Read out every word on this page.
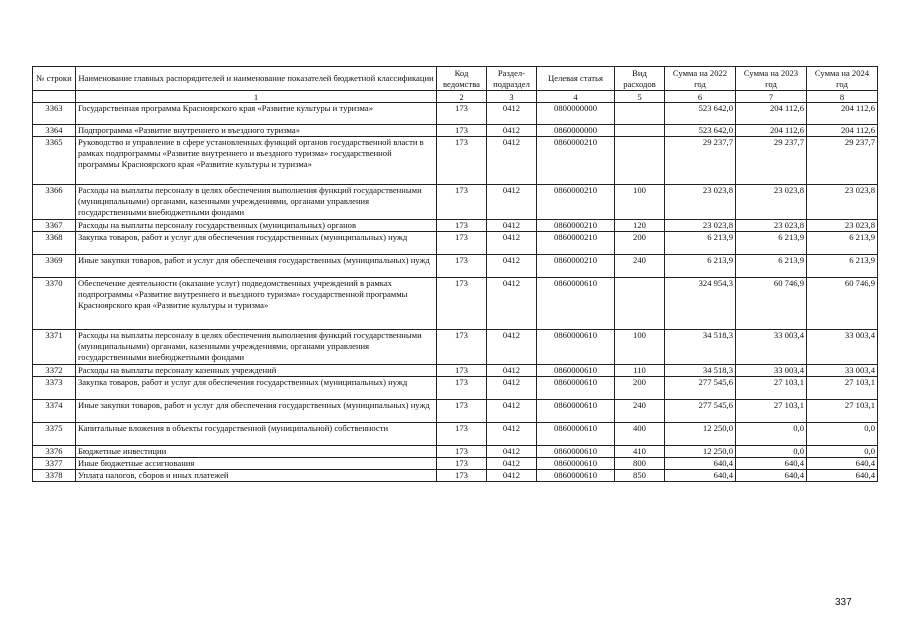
№ строки	Наименование главных распорядителей и наименование показателей бюджетной классификации	Код ведомства	Раздел-подраздел	Целевая статья	Вид расходов	Сумма на 2022 год	Сумма на 2023 год	Сумма на 2024 год
	1	2	3	4	5	6	7	8
3363	Государственная программа Красноярского края «Развитие культуры и туризма»	173	0412	0800000000		523 642,0	204 112,6	204 112,6
3364	Подпрограмма «Развитие внутреннего и въездного туризма»	173	0412	0860000000		523 642,0	204 112,6	204 112,6
3365	Руководство и управление в сфере установленных функций органов государственной власти в рамках подпрограммы «Развитие внутреннего и въездного туризма» государственной программы Красноярского края «Развитие культуры и туризма»	173	0412	0860000210		29 237,7	29 237,7	29 237,7
3366	Расходы на выплаты персоналу в целях обеспечения выполнения функций государственными (муниципальными) органами, казенными учреждениями, органами управления государственными внебюджетными фондами	173	0412	0860000210	100	23 023,8	23 023,8	23 023,8
3367	Расходы на выплаты персоналу государственных (муниципальных) органов	173	0412	0860000210	120	23 023,8	23 023,8	23 023,8
3368	Закупка товаров, работ и услуг для обеспечения государственных (муниципальных) нужд	173	0412	0860000210	200	6 213,9	6 213,9	6 213,9
3369	Иные закупки товаров, работ и услуг для обеспечения государственных (муниципальных) нужд	173	0412	0860000210	240	6 213,9	6 213,9	6 213,9
3370	Обеспечение деятельности (оказание услуг) подведомственных учреждений в рамках подпрограммы «Развитие внутреннего и въездного туризма» государственной программы Красноярского края «Развитие культуры и туризма»	173	0412	0860000610		324 954,3	60 746,9	60 746,9
3371	Расходы на выплаты персоналу в целях обеспечения выполнения функций государственными (муниципальными) органами, казенными учреждениями, органами управления государственными внебюджетными фондами	173	0412	0860000610	100	34 518,3	33 003,4	33 003,4
3372	Расходы на выплаты персоналу казенных учреждений	173	0412	0860000610	110	34 518,3	33 003,4	33 003,4
3373	Закупка товаров, работ и услуг для обеспечения государственных (муниципальных) нужд	173	0412	0860000610	200	277 545,6	27 103,1	27 103,1
3374	Иные закупки товаров, работ и услуг для обеспечения государственных (муниципальных) нужд	173	0412	0860000610	240	277 545,6	27 103,1	27 103,1
3375	Капитальные вложения в объекты государственной (муниципальной) собственности	173	0412	0860000610	400	12 250,0	0,0	0,0
3376	Бюджетные инвестиции	173	0412	0860000610	410	12 250,0	0,0	0,0
3377	Иные бюджетные ассигнования	173	0412	0860000610	800	640,4	640,4	640,4
3378	Уплата налогов, сборов и иных платежей	173	0412	0860000610	850	640,4	640,4	640,4
337
